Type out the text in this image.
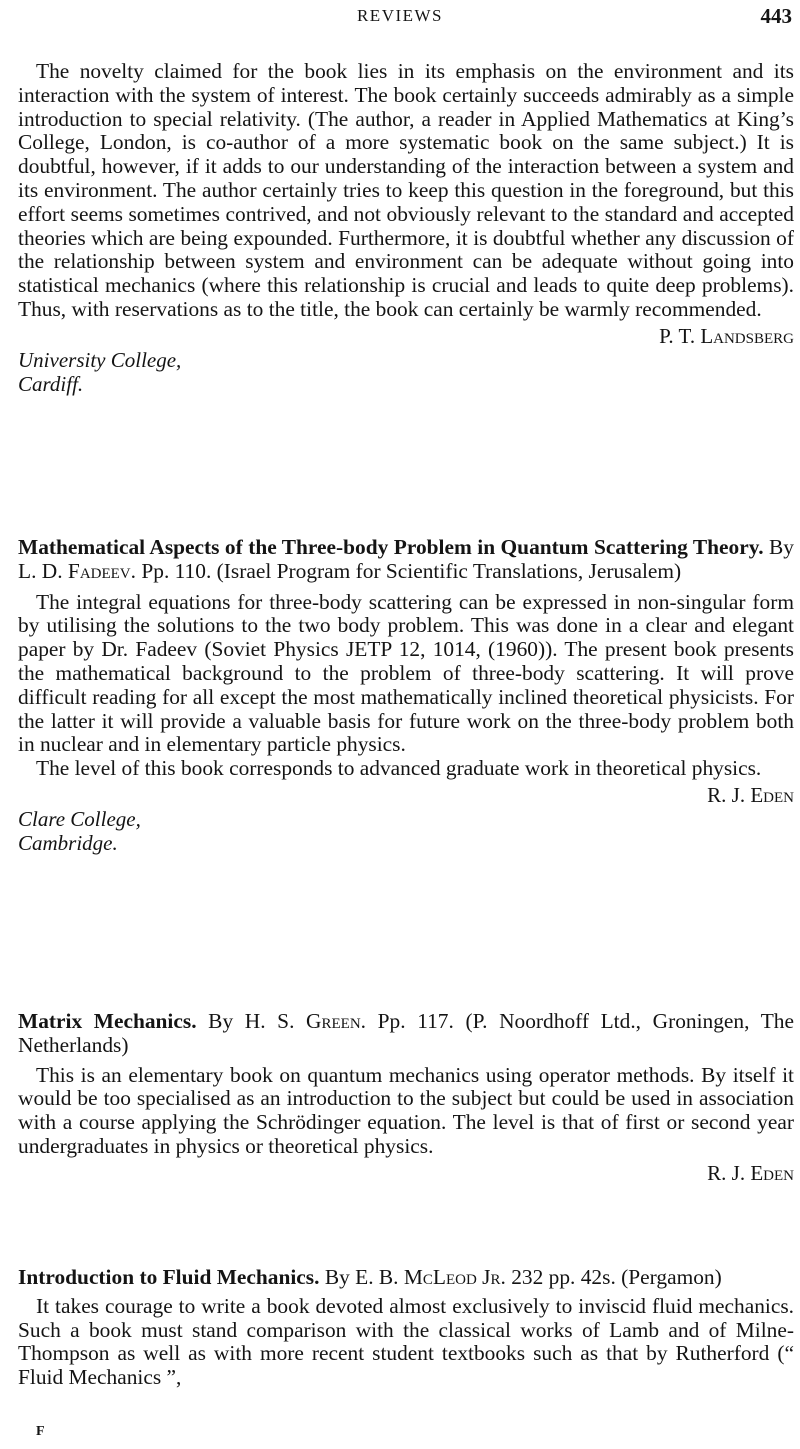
REVIEWS	443

The novelty claimed for the book lies in its emphasis on the environment and its interaction with the system of interest. The book certainly succeeds admirably as a simple introduction to special relativity. (The author, a reader in Applied Mathematics at King’s College, London, is co-author of a more systematic book on the same subject.) It is doubtful, however, if it adds to our understanding of the interaction between a system and its environment. The author certainly tries to keep this question in the foreground, but this effort seems sometimes contrived, and not obviously relevant to the standard and accepted theories which are being expounded. Furthermore, it is doubtful whether any discussion of the relationship between system and environment can be adequate without going into statistical mechanics (where this relationship is crucial and leads to quite deep problems). Thus, with reservations as to the title, the book can certainly be warmly recommended.

P. T. Landsberg
University College,
Cardiff.
Mathematical Aspects of the Three-body Problem in Quantum Scattering Theory. By L. D. Fadeev. Pp. 110. (Israel Program for Scientific Translations, Jerusalem)

The integral equations for three-body scattering can be expressed in non-singular form by utilising the solutions to the two body problem. This was done in a clear and elegant paper by Dr. Fadeev (Soviet Physics JETP 12, 1014, (1960)). The present book presents the mathematical background to the problem of three-body scattering. It will prove difficult reading for all except the most mathematically inclined theoretical physicists. For the latter it will provide a valuable basis for future work on the three-body problem both in nuclear and in elementary particle physics.

The level of this book corresponds to advanced graduate work in theoretical physics.

R. J. Eden
Clare College,
Cambridge.
Matrix Mechanics. By H. S. Green. Pp. 117. (P. Noordhoff Ltd., Groningen, The Netherlands)

This is an elementary book on quantum mechanics using operator methods. By itself it would be too specialised as an introduction to the subject but could be used in association with a course applying the Schrödinger equation. The level is that of first or second year undergraduates in physics or theoretical physics.

R. J. Eden
Introduction to Fluid Mechanics. By E. B. McLeod Jr. 232 pp. 42s. (Pergamon)

It takes courage to write a book devoted almost exclusively to inviscid fluid mechanics. Such a book must stand comparison with the classical works of Lamb and of Milne-Thompson as well as with more recent student textbooks such as that by Rutherford (“ Fluid Mechanics ”,

F
